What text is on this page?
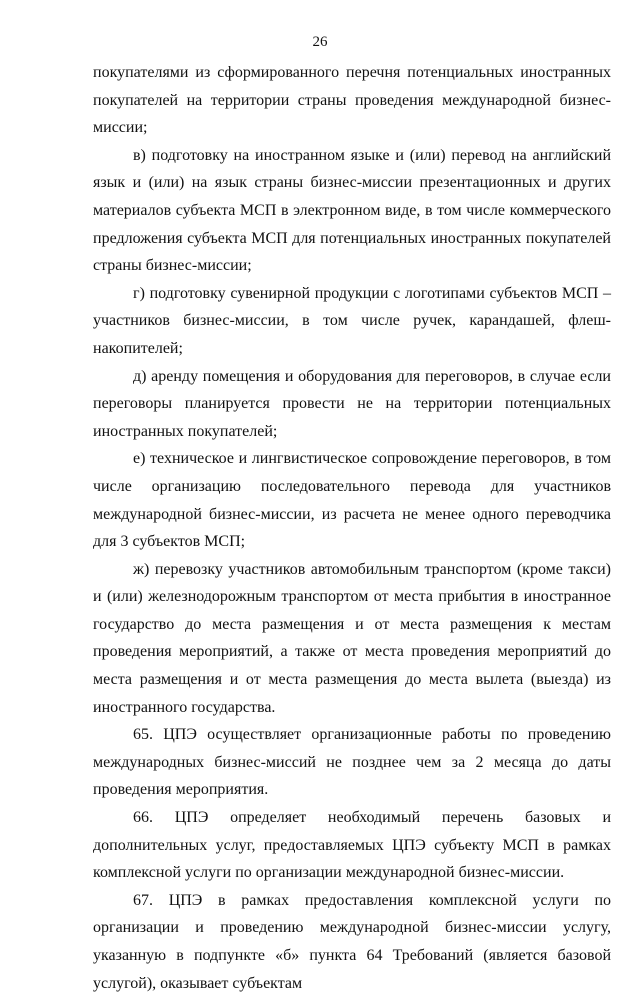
26

покупателями из сформированного перечня потенциальных иностранных покупателей на территории страны проведения международной бизнес-миссии;

в) подготовку на иностранном языке и (или) перевод на английский язык и (или) на язык страны бизнес-миссии презентационных и других материалов субъекта МСП в электронном виде, в том числе коммерческого предложения субъекта МСП для потенциальных иностранных покупателей страны бизнес-миссии;

г) подготовку сувенирной продукции с логотипами субъектов МСП – участников бизнес-миссии, в том числе ручек, карандашей, флеш-накопителей;

д) аренду помещения и оборудования для переговоров, в случае если переговоры планируется провести не на территории потенциальных иностранных покупателей;

е) техническое и лингвистическое сопровождение переговоров, в том числе организацию последовательного перевода для участников международной бизнес-миссии, из расчета не менее одного переводчика для 3 субъектов МСП;

ж) перевозку участников автомобильным транспортом (кроме такси) и (или) железнодорожным транспортом от места прибытия в иностранное государство до места размещения и от места размещения к местам проведения мероприятий, а также от места проведения мероприятий до места размещения и от места размещения до места вылета (выезда) из иностранного государства.

65. ЦПЭ осуществляет организационные работы по проведению международных бизнес-миссий не позднее чем за 2 месяца до даты проведения мероприятия.

66. ЦПЭ определяет необходимый перечень базовых и дополнительных услуг, предоставляемых ЦПЭ субъекту МСП в рамках комплексной услуги по организации международной бизнес-миссии.

67. ЦПЭ в рамках предоставления комплексной услуги по организации и проведению международной бизнес-миссии услугу, указанную в подпункте «б» пункта 64 Требований (является базовой услугой), оказывает субъектам
